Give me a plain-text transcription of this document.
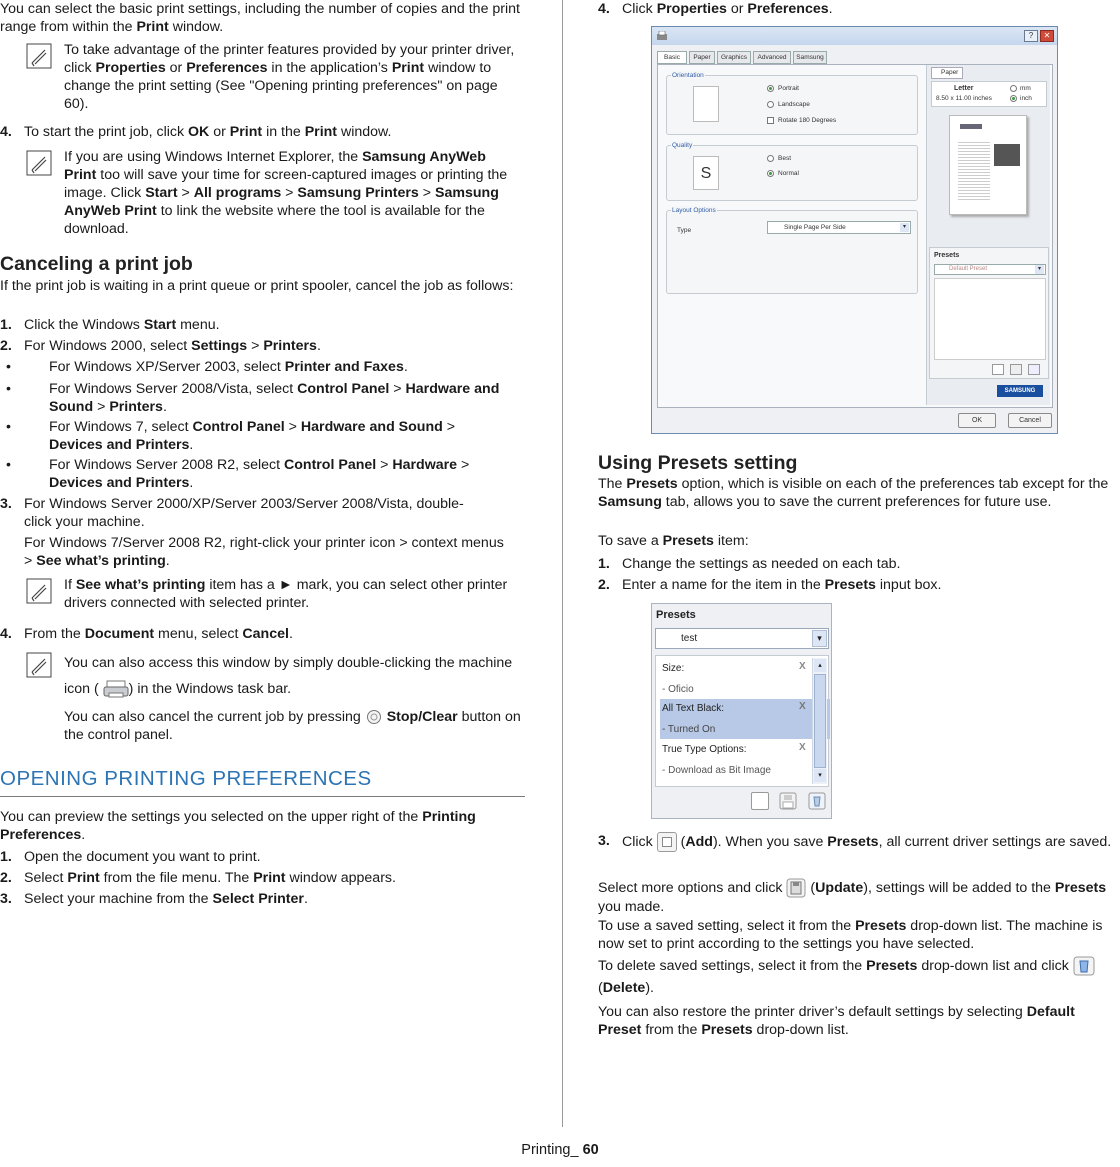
You can select the basic print settings, including the number of copies and the print range from within the Print window.

To take advantage of the printer features provided by your printer driver, click Properties or Preferences in the application’s Print window to change the print setting (See "Opening printing preferences" on page 60).

4. To start the print job, click OK or Print in the Print window.

If you are using Windows Internet Explorer, the Samsung AnyWeb Print too will save your time for screen-captured images or printing the image. Click Start > All programs > Samsung Printers > Samsung AnyWeb Print to link the website where the tool is available for the download.

Canceling a print job

If the print job is waiting in a print queue or print spooler, cancel the job as follows:

1. Click the Windows Start menu.
2. For Windows 2000, select Settings > Printers.
•	For Windows XP/Server 2003, select Printer and Faxes.
•	For Windows Server 2008/Vista, select Control Panel > Hardware and Sound > Printers.
•	For Windows 7, select Control Panel > Hardware and Sound > Devices and Printers.
•	For Windows Server 2008 R2, select Control Panel > Hardware > Devices and Printers.
3. For Windows Server 2000/XP/Server 2003/Server 2008/Vista, double-click your machine.

For Windows 7/Server 2008 R2, right-click your printer icon > context menus > See what’s printing.

If See what’s printing item has a ► mark, you can select other printer drivers connected with selected printer.

4. From the Document menu, select Cancel.

You can also access this window by simply double-clicking the machine icon ( ) in the Windows task bar.

You can also cancel the current job by pressing  Stop/Clear button on the control panel.

OPENING PRINTING PREFERENCES

You can preview the settings you selected on the upper right of the Printing Preferences.

1. Open the document you want to print.
2. Select Print from the file menu. The Print window appears.
3. Select your machine from the Select Printer.
4. Click Properties or Preferences.
?	✕
Basic	Paper	Graphics	Advanced	Samsung
Orientation
Portrait
Landscape
Rotate 180 Degrees
Quality
S
Best
Normal
Layout Options
Type	Single Page Per Side	▾
Paper
Letter
8.50 x 11.00 inches
mm
inch
Presets
Default Preset	▾
SAMSUNG
OK	Cancel
Using Presets setting

The Presets option, which is visible on each of the preferences tab except for the Samsung tab, allows you to save the current preferences for future use.

To save a Presets item:

1. Change the settings as needed on each tab.
2. Enter a name for the item in the Presets input box.
Presets
test	▾
Size:	X
- Oficio
All Text Black:	X
- Turned On
True Type Options:	X
- Download as Bit Image
▴
▾
3. Click
(Add). When you save Presets, all current driver settings are saved.

Select more options and click  (Update), settings will be added to the Presets you made.

To use a saved setting, select it from the Presets drop-down list. The machine is now set to print according to the settings you have selected.

To delete saved settings, select it from the Presets drop-down list and click  (Delete).

You can also restore the printer driver’s default settings by selecting Default Preset from the Presets drop-down list.

Printing_ 60
